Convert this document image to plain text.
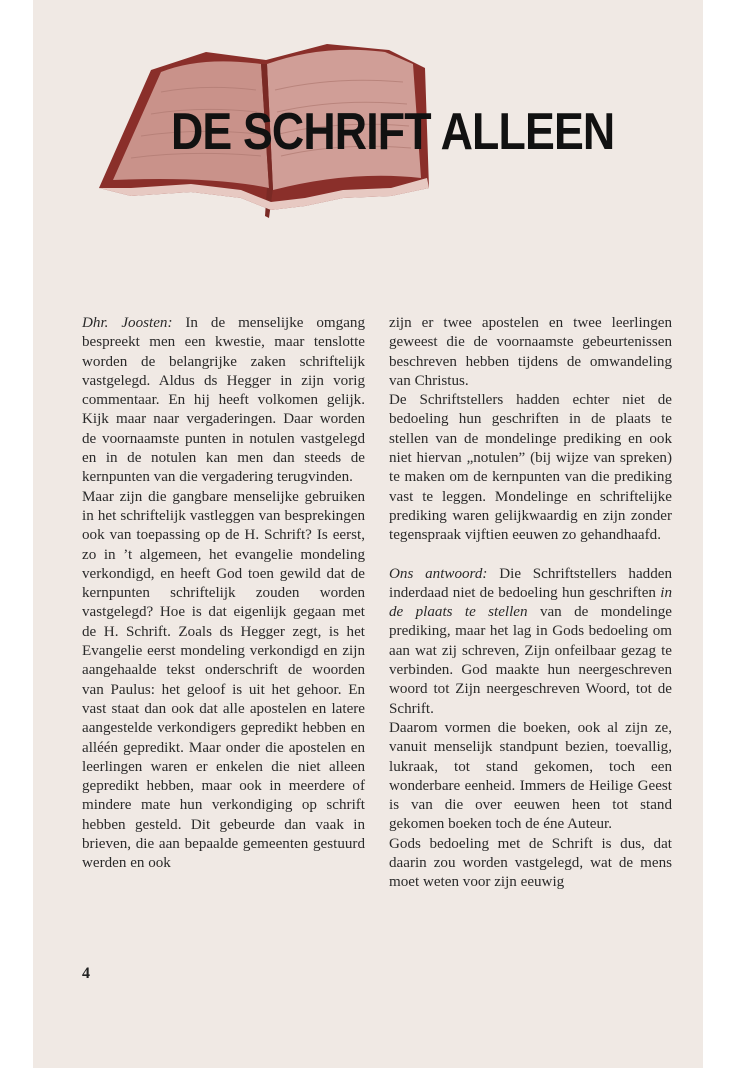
DE SCHRIFT ALLEEN

Dhr. Joosten: In de menselijke omgang bespreekt men een kwestie, maar tenslotte worden de belangrijke zaken schriftelijk vastgelegd. Aldus ds Hegger in zijn vorig commentaar. En hij heeft volkomen gelijk. Kijk maar naar vergaderingen. Daar worden de voornaamste punten in notulen vastgelegd en in de notulen kan men dan steeds de kernpunten van die vergadering terugvinden.

Maar zijn die gangbare menselijke gebruiken in het schriftelijk vastleggen van besprekingen ook van toepassing op de H. Schrift? Is eerst, zo in ’t algemeen, het evangelie mondeling verkondigd, en heeft God toen gewild dat de kernpunten schriftelijk zouden worden vastgelegd? Hoe is dat eigenlijk gegaan met de H. Schrift. Zoals ds Hegger zegt, is het Evangelie eerst mondeling verkondigd en zijn aangehaalde tekst onderschrift de woorden van Paulus: het geloof is uit het gehoor. En vast staat dan ook dat alle apostelen en latere aangestelde verkondigers gepredikt hebben en alléén gepredikt. Maar onder die apostelen en leerlingen waren er enkelen die niet alleen gepredikt hebben, maar ook in meerdere of mindere mate hun verkondiging op schrift hebben gesteld. Dit gebeurde dan vaak in brieven, die aan bepaalde gemeenten gestuurd werden en ook

zijn er twee apostelen en twee leerlingen geweest die de voornaamste gebeurtenissen beschreven hebben tijdens de omwandeling van Christus.

De Schriftstellers hadden echter niet de bedoeling hun geschriften in de plaats te stellen van de mondelinge prediking en ook niet hiervan „notulen” (bij wijze van spreken) te maken om de kernpunten van die prediking vast te leggen. Mondelinge en schriftelijke prediking waren gelijkwaardig en zijn zonder tegenspraak vijftien eeuwen zo gehandhaafd.

Ons antwoord: Die Schriftstellers hadden inderdaad niet de bedoeling hun geschriften in de plaats te stellen van de mondelinge prediking, maar het lag in Gods bedoeling om aan wat zij schreven, Zijn onfeilbaar gezag te verbinden. God maakte hun neergeschreven woord tot Zijn neergeschreven Woord, tot de Schrift.

Daarom vormen die boeken, ook al zijn ze, vanuit menselijk standpunt bezien, toevallig, lukraak, tot stand gekomen, toch een wonderbare eenheid. Immers de Heilige Geest is van die over eeuwen heen tot stand gekomen boeken toch de éne Auteur.

Gods bedoeling met de Schrift is dus, dat daarin zou worden vastgelegd, wat de mens moet weten voor zijn eeuwig

4
